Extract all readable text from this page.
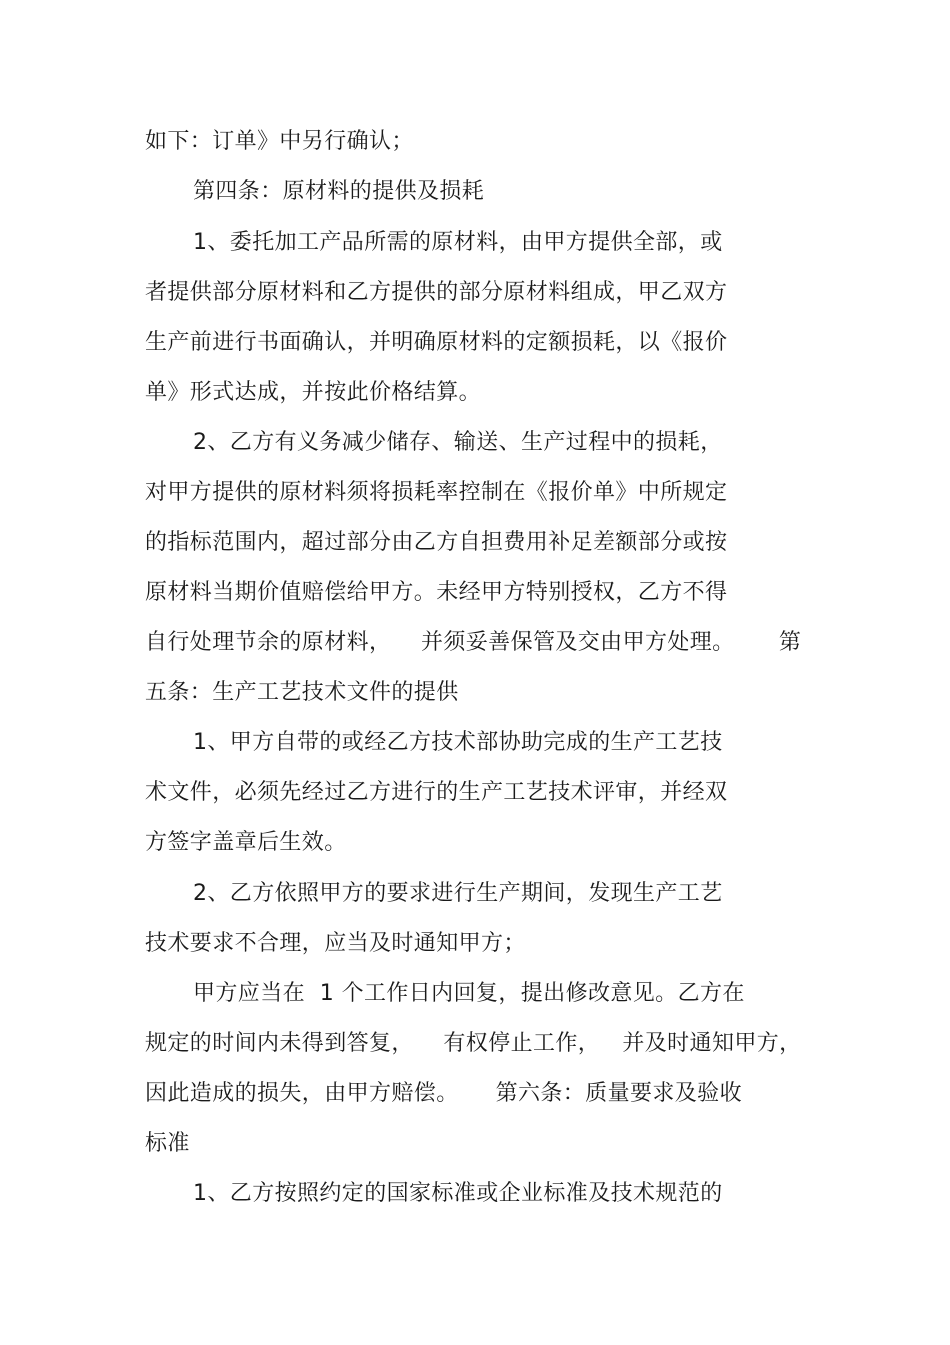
如下：订单》中另行确认；
第四条：原材料的提供及损耗
1、委托加工产品所需的原材料，由甲方提供全部，或
者提供部分原材料和乙方提供的部分原材料组成，甲乙双方
生产前进行书面确认，并明确原材料的定额损耗，以《报价
单》形式达成，并按此价格结算。
2、乙方有义务减少储存、输送、生产过程中的损耗，
对甲方提供的原材料须将损耗率控制在《报价单》中所规定
的指标范围内，超过部分由乙方自担费用补足差额部分或按
原材料当期价值赔偿给甲方。未经甲方特别授权，乙方不得
自行处理节余的原材料，    并须妥善保管及交由甲方处理。      第
五条：生产工艺技术文件的提供
1、甲方自带的或经乙方技术部协助完成的生产工艺技
术文件，必须先经过乙方进行的生产工艺技术评审，并经双
方签字盖章后生效。
2、乙方依照甲方的要求进行生产期间，发现生产工艺
技术要求不合理，应当及时通知甲方；
甲方应当在  1 个工作日内回复，提出修改意见。乙方在
规定的时间内未得到答复，    有权停止工作，   并及时通知甲方，
因此造成的损失，由甲方赔偿。     第六条：质量要求及验收
标准
1、乙方按照约定的国家标准或企业标准及技术规范的
